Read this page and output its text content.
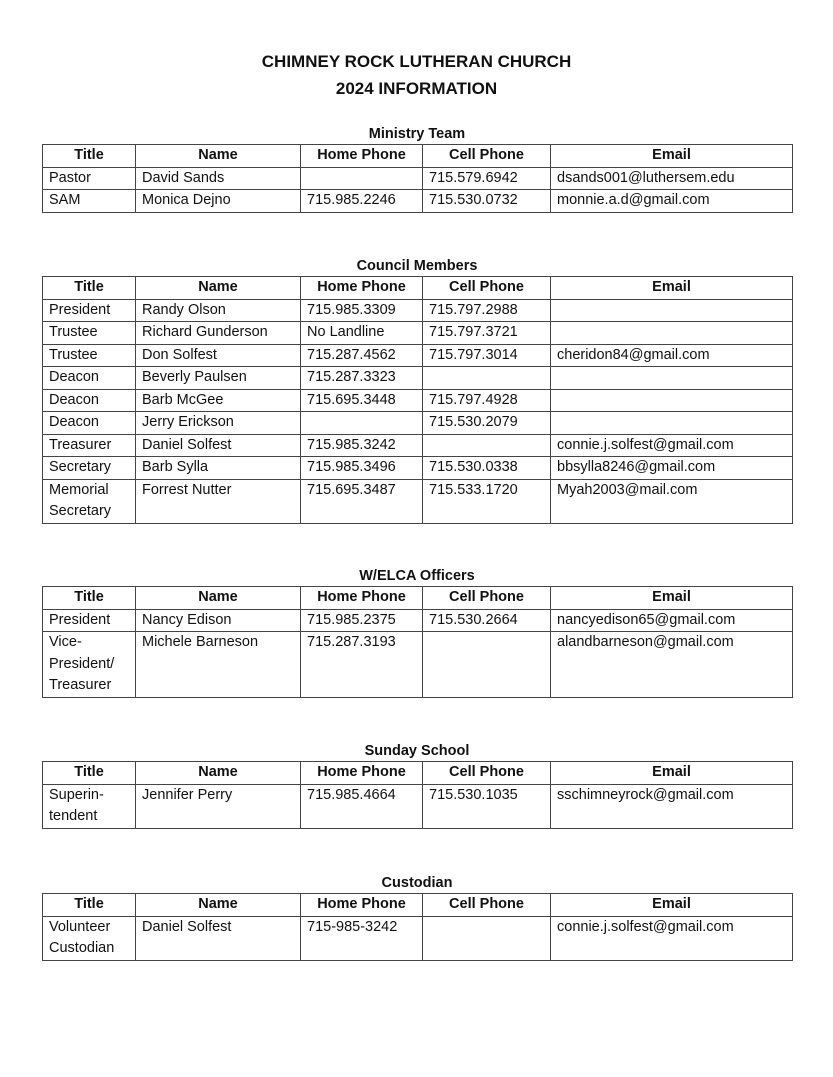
CHIMNEY ROCK LUTHERAN CHURCH
2024 INFORMATION
Ministry Team
Title	Name	Home Phone	Cell Phone	Email
Pastor	David Sands		715.579.6942	dsands001@luthersem.edu
SAM	Monica Dejno	715.985.2246	715.530.0732	monnie.a.d@gmail.com
Council Members
Title	Name	Home Phone	Cell Phone	Email
President	Randy Olson	715.985.3309	715.797.2988	
Trustee	Richard Gunderson	No Landline	715.797.3721	
Trustee	Don Solfest	715.287.4562	715.797.3014	cheridon84@gmail.com
Deacon	Beverly Paulsen	715.287.3323		
Deacon	Barb McGee	715.695.3448	715.797.4928	
Deacon	Jerry Erickson		715.530.2079	
Treasurer	Daniel Solfest	715.985.3242		connie.j.solfest@gmail.com
Secretary	Barb Sylla	715.985.3496	715.530.0338	bbsylla8246@gmail.com
Memorial
Secretary	Forrest Nutter	715.695.3487	715.533.1720	Myah2003@mail.com
W/ELCA Officers
Title	Name	Home Phone	Cell Phone	Email
President	Nancy Edison	715.985.2375	715.530.2664	nancyedison65@gmail.com
Vice-
President/
Treasurer	Michele Barneson	715.287.3193		alandbarneson@gmail.com
Sunday School
Title	Name	Home Phone	Cell Phone	Email
Superin-
tendent	Jennifer Perry	715.985.4664	715.530.1035	sschimneyrock@gmail.com
Custodian
Title	Name	Home Phone	Cell Phone	Email
Volunteer
Custodian	Daniel Solfest	715-985-3242		connie.j.solfest@gmail.com
